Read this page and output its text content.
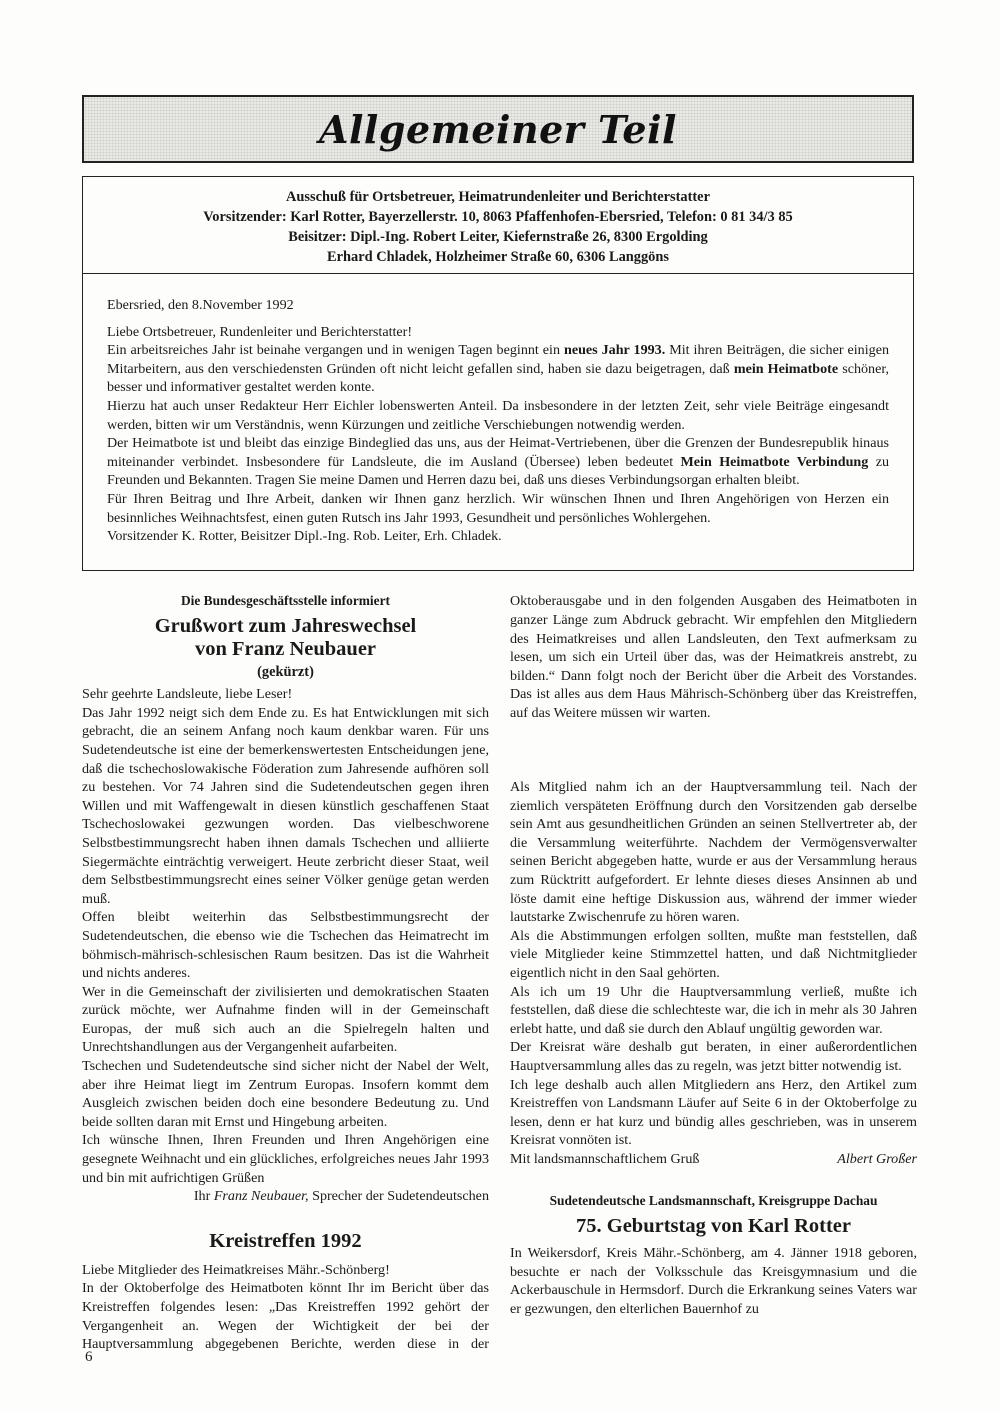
Allgemeiner Teil
Ausschuß für Ortsbetreuer, Heimatrundenleiter und Berichterstatter
Vorsitzender: Karl Rotter, Bayerzellerstr. 10, 8063 Pfaffenhofen-Ebersried, Telefon: 0 81 34/3 85
Beisitzer: Dipl.-Ing. Robert Leiter, Kiefernstraße 26, 8300 Ergolding
Erhard Chladek, Holzheimer Straße 60, 6306 Langgöns

Ebersried, den 8.November 1992

Liebe Ortsbetreuer, Rundenleiter und Berichterstatter!

Ein arbeitsreiches Jahr ist beinahe vergangen und in wenigen Tagen beginnt ein neues Jahr 1993. Mit ihren Beiträgen, die sicher einigen Mitarbeitern, aus den verschiedensten Gründen oft nicht leicht gefallen sind, haben sie dazu beigetragen, daß mein Heimatbote schöner, besser und informativer gestaltet werden konte.

Hierzu hat auch unser Redakteur Herr Eichler lobenswerten Anteil. Da insbesondere in der letzten Zeit, sehr viele Beiträge eingesandt werden, bitten wir um Verständnis, wenn Kürzungen und zeitliche Verschiebungen notwendig werden.

Der Heimatbote ist und bleibt das einzige Bindeglied das uns, aus der Heimat-Vertriebenen, über die Grenzen der Bundesrepublik hinaus miteinander verbindet. Insbesondere für Landsleute, die im Ausland (Übersee) leben bedeutet Mein Heimatbote Verbindung zu Freunden und Bekannten. Tragen Sie meine Damen und Herren dazu bei, daß uns dieses Verbindungsorgan erhalten bleibt.

Für Ihren Beitrag und Ihre Arbeit, danken wir Ihnen ganz herzlich. Wir wünschen Ihnen und Ihren Angehörigen von Herzen ein besinnliches Weihnachtsfest, einen guten Rutsch ins Jahr 1993, Gesundheit und persönliches Wohlergehen.

Vorsitzender K. Rotter, Beisitzer Dipl.-Ing. Rob. Leiter, Erh. Chladek.

Die Bundesgeschäftsstelle informiert
Grußwort zum Jahreswechsel
von Franz Neubauer
(gekürzt)

Sehr geehrte Landsleute, liebe Leser!

Das Jahr 1992 neigt sich dem Ende zu. Es hat Entwicklungen mit sich gebracht, die an seinem Anfang noch kaum denkbar waren. Für uns Sudetendeutsche ist eine der bemerkenswertesten Entscheidungen jene, daß die tschechoslowakische Föderation zum Jahresende aufhören soll zu bestehen. Vor 74 Jahren sind die Sudetendeutschen gegen ihren Willen und mit Waffengewalt in diesen künstlich geschaffenen Staat Tschechoslowakei gezwungen worden. Das vielbeschworene Selbstbestimmungsrecht haben ihnen damals Tschechen und alliierte Siegermächte einträchtig verweigert. Heute zerbricht dieser Staat, weil dem Selbstbestimmungsrecht eines seiner Völker genüge getan werden muß.

Offen bleibt weiterhin das Selbstbestimmungsrecht der Sudetendeutschen, die ebenso wie die Tschechen das Heimatrecht im böhmisch-mährisch-schlesischen Raum besitzen. Das ist die Wahrheit und nichts anderes.

Wer in die Gemeinschaft der zivilisierten und demokratischen Staaten zurück möchte, wer Aufnahme finden will in der Gemeinschaft Europas, der muß sich auch an die Spielregeln halten und Unrechtshandlungen aus der Vergangenheit aufarbeiten.

Tschechen und Sudetendeutsche sind sicher nicht der Nabel der Welt, aber ihre Heimat liegt im Zentrum Europas. Insofern kommt dem Ausgleich zwischen beiden doch eine besondere Bedeutung zu. Und beide sollten daran mit Ernst und Hingebung arbeiten.

Ich wünsche Ihnen, Ihren Freunden und Ihren Angehörigen eine gesegnete Weihnacht und ein glückliches, erfolgreiches neues Jahr 1993 und bin mit aufrichtigen Grüßen

Ihr Franz Neubauer, Sprecher der Sudetendeutschen

Kreistreffen 1992

Liebe Mitglieder des Heimatkreises Mähr.-Schönberg!

In der Oktoberfolge des Heimatboten könnt Ihr im Bericht über das Kreistreffen folgendes lesen: „Das Kreistreffen 1992 gehört der Vergangenheit an. Wegen der Wichtigkeit der bei der Hauptversammlung abgegebenen Berichte, werden diese in der

Oktoberausgabe und in den folgenden Ausgaben des Heimatboten in ganzer Länge zum Abdruck gebracht. Wir empfehlen den Mitgliedern des Heimatkreises und allen Landsleuten, den Text aufmerksam zu lesen, um sich ein Urteil über das, was der Heimatkreis anstrebt, zu bilden.“ Dann folgt noch der Bericht über die Arbeit des Vorstandes. Das ist alles aus dem Haus Mährisch-Schönberg über das Kreistreffen, auf das Weitere müssen wir warten.

Als Mitglied nahm ich an der Hauptversammlung teil. Nach der ziemlich verspäteten Eröffnung durch den Vorsitzenden gab derselbe sein Amt aus gesundheitlichen Gründen an seinen Stellvertreter ab, der die Versammlung weiterführte. Nachdem der Vermögensverwalter seinen Bericht abgegeben hatte, wurde er aus der Versammlung heraus zum Rücktritt aufgefordert. Er lehnte dieses dieses Ansinnen ab und löste damit eine heftige Diskussion aus, während der immer wieder lautstarke Zwischenrufe zu hören waren.

Als die Abstimmungen erfolgen sollten, mußte man feststellen, daß viele Mitglieder keine Stimmzettel hatten, und daß Nichtmitglieder eigentlich nicht in den Saal gehörten.

Als ich um 19 Uhr die Hauptversammlung verließ, mußte ich feststellen, daß diese die schlechteste war, die ich in mehr als 30 Jahren erlebt hatte, und daß sie durch den Ablauf ungültig geworden war.

Der Kreisrat wäre deshalb gut beraten, in einer außerordentlichen Hauptversammlung alles das zu regeln, was jetzt bitter notwendig ist.

Ich lege deshalb auch allen Mitgliedern ans Herz, den Artikel zum Kreistreffen von Landsmann Läufer auf Seite 6 in der Oktoberfolge zu lesen, denn er hat kurz und bündig alles geschrieben, was in unserem Kreisrat vonnöten ist.

Mit landsmannschaftlichem Gruß	Albert Großer
Sudetendeutsche Landsmannschaft, Kreisgruppe Dachau
75. Geburtstag von Karl Rotter

In Weikersdorf, Kreis Mähr.-Schönberg, am 4. Jänner 1918 geboren, besuchte er nach der Volksschule das Kreisgymnasium und die Ackerbauschule in Hermsdorf. Durch die Erkrankung seines Vaters war er gezwungen, den elterlichen Bauernhof zu

6
